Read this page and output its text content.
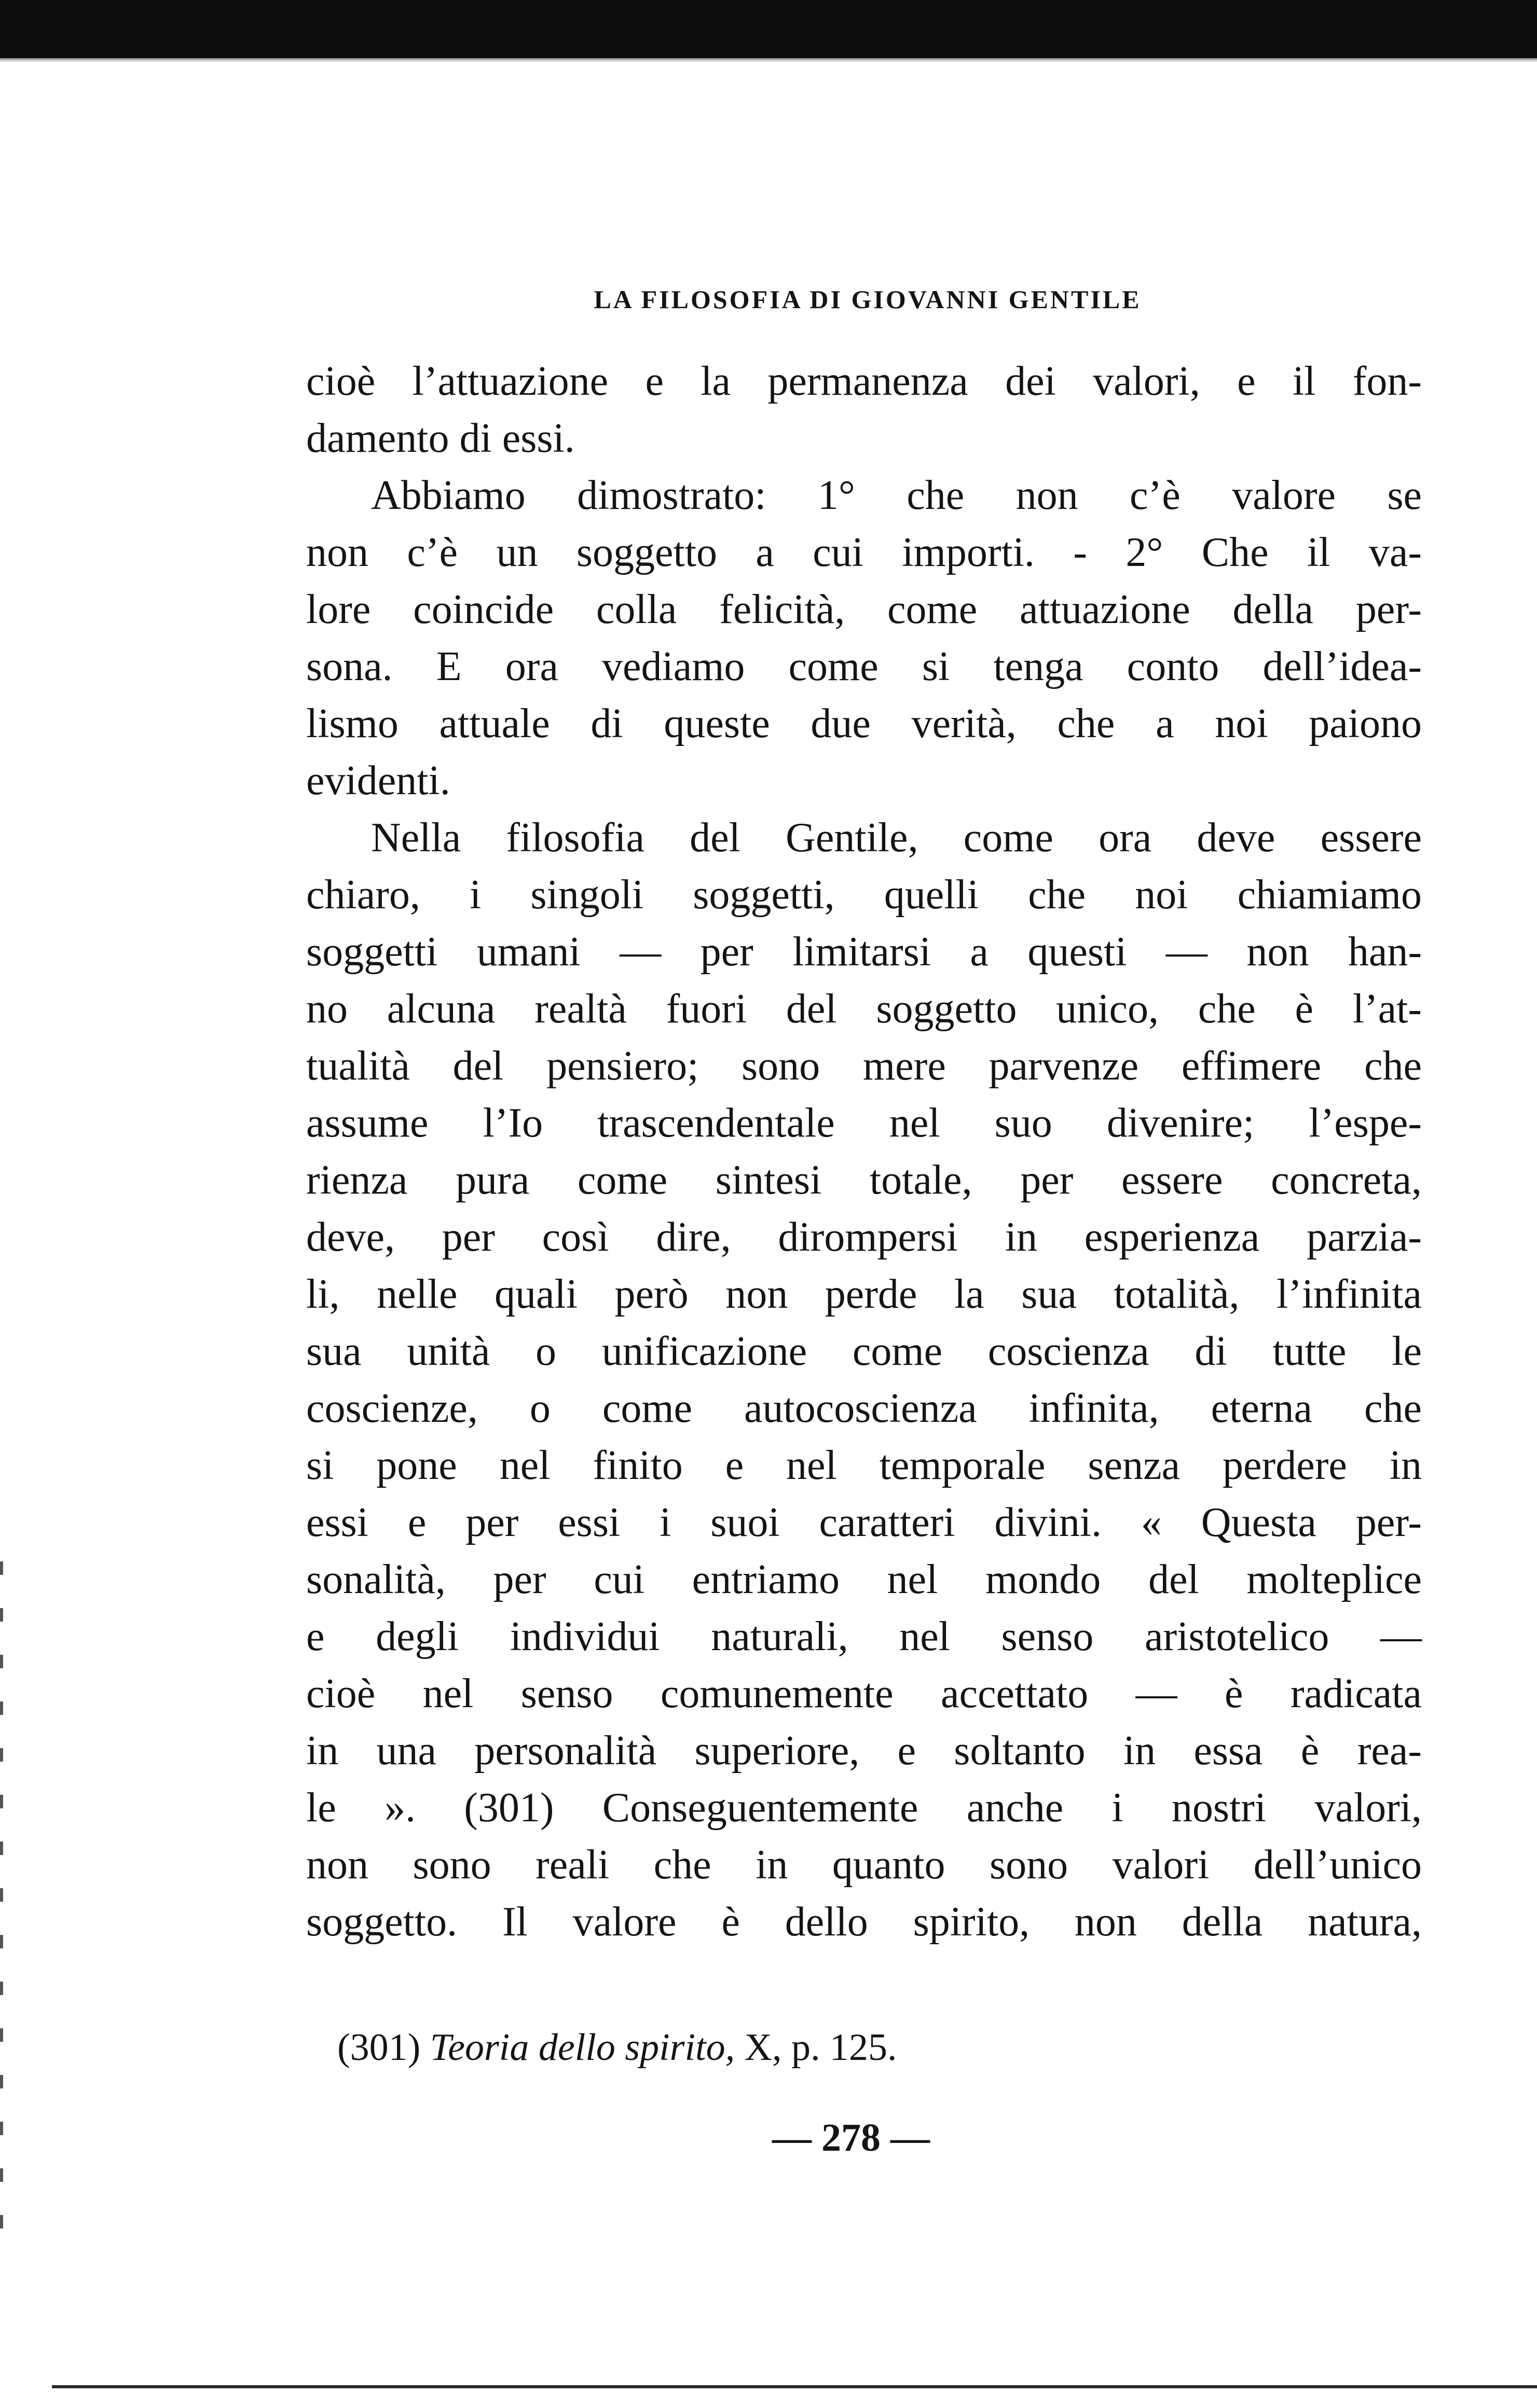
LA FILOSOFIA DI GIOVANNI GENTILE
cioè l’attuazione e la permanenza dei valori, e il fon-
damento di essi.
Abbiamo dimostrato: 1° che non c’è valore se
non c’è un soggetto a cui importi. - 2° Che il va-
lore coincide colla felicità, come attuazione della per-
sona. E ora vediamo come si tenga conto dell’idea-
lismo attuale di queste due verità, che a noi paiono
evidenti.
Nella filosofia del Gentile, come ora deve essere
chiaro, i singoli soggetti, quelli che noi chiamiamo
soggetti umani — per limitarsi a questi — non han-
no alcuna realtà fuori del soggetto unico, che è l’at-
tualità del pensiero; sono mere parvenze effimere che
assume l’Io trascendentale nel suo divenire; l’espe-
rienza pura come sintesi totale, per essere concreta,
deve, per così dire, dirompersi in esperienza parzia-
li, nelle quali però non perde la sua totalità, l’infinita
sua unità o unificazione come coscienza di tutte le
coscienze, o come autocoscienza infinita, eterna che
si pone nel finito e nel temporale senza perdere in
essi e per essi i suoi caratteri divini. « Questa per-
sonalità, per cui entriamo nel mondo del molteplice
e degli individui naturali, nel senso aristotelico —
cioè nel senso comunemente accettato — è radicata
in una personalità superiore, e soltanto in essa è rea-
le ». (301) Conseguentemente anche i nostri valori,
non sono reali che in quanto sono valori dell’unico
soggetto. Il valore è dello spirito, non della natura,
(301) Teoria dello spirito, X, p. 125.
— 278 —
